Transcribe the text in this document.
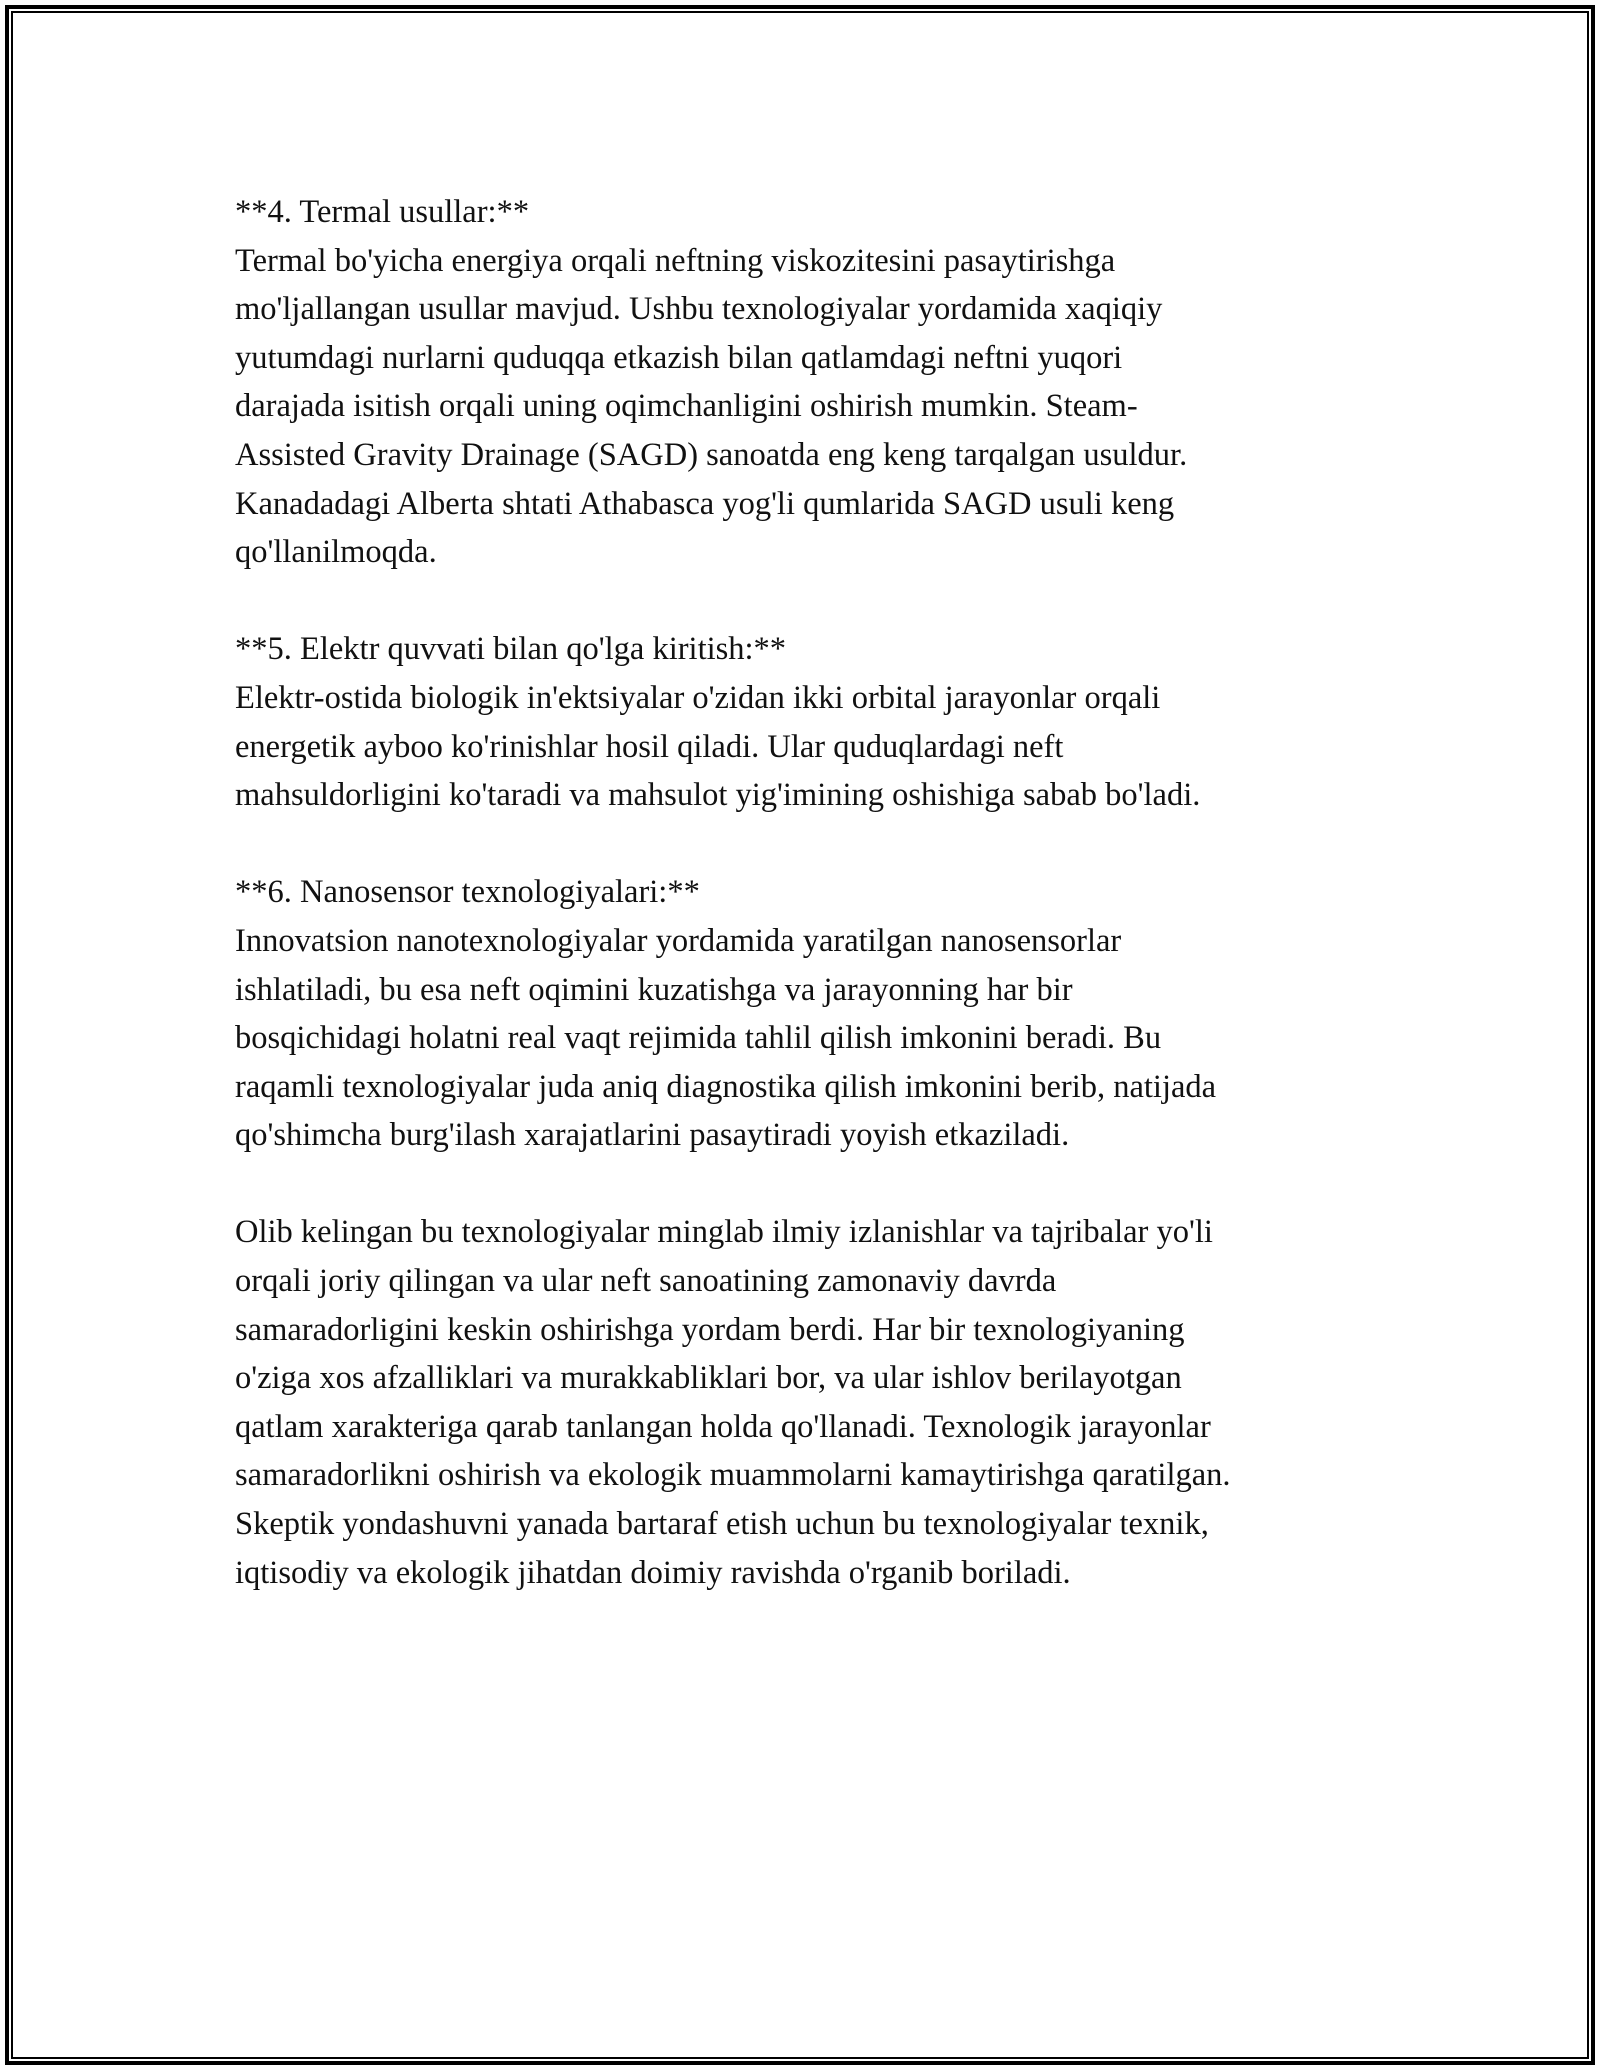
**4. Termal usullar:**
Termal bo'yicha energiya orqali neftning viskozitesini pasaytirishga
mo'ljallangan usullar mavjud. Ushbu texnologiyalar yordamida xaqiqiy
yutumdagi nurlarni quduqqa etkazish bilan qatlamdagi neftni yuqori
darajada isitish orqali uning oqimchanligini oshirish mumkin. Steam-
Assisted Gravity Drainage (SAGD) sanoatda eng keng tarqalgan usuldur.
Kanadadagi Alberta shtati Athabasca yog'li qumlarida SAGD usuli keng
qo'llanilmoqda.
**5. Elektr quvvati bilan qo'lga kiritish:**
Elektr-ostida biologik in'ektsiyalar o'zidan ikki orbital jarayonlar orqali
energetik ayboo ko'rinishlar hosil qiladi. Ular quduqlardagi neft
mahsuldorligini ko'taradi va mahsulot yig'imining oshishiga sabab bo'ladi.
**6. Nanosensor texnologiyalari:**
Innovatsion nanotexnologiyalar yordamida yaratilgan nanosensorlar
ishlatiladi, bu esa neft oqimini kuzatishga va jarayonning har bir
bosqichidagi holatni real vaqt rejimida tahlil qilish imkonini beradi. Bu
raqamli texnologiyalar juda aniq diagnostika qilish imkonini berib, natijada
qo'shimcha burg'ilash xarajatlarini pasaytiradi yoyish etkaziladi.
Olib kelingan bu texnologiyalar minglab ilmiy izlanishlar va tajribalar yo'li
orqali joriy qilingan va ular neft sanoatining zamonaviy davrda
samaradorligini keskin oshirishga yordam berdi. Har bir texnologiyaning
o'ziga xos afzalliklari va murakkabliklari bor, va ular ishlov berilayotgan
qatlam xarakteriga qarab tanlangan holda qo'llanadi. Texnologik jarayonlar
samaradorlikni oshirish va ekologik muammolarni kamaytirishga qaratilgan.
Skeptik yondashuvni yanada bartaraf etish uchun bu texnologiyalar texnik,
iqtisodiy va ekologik jihatdan doimiy ravishda o'rganib boriladi.
